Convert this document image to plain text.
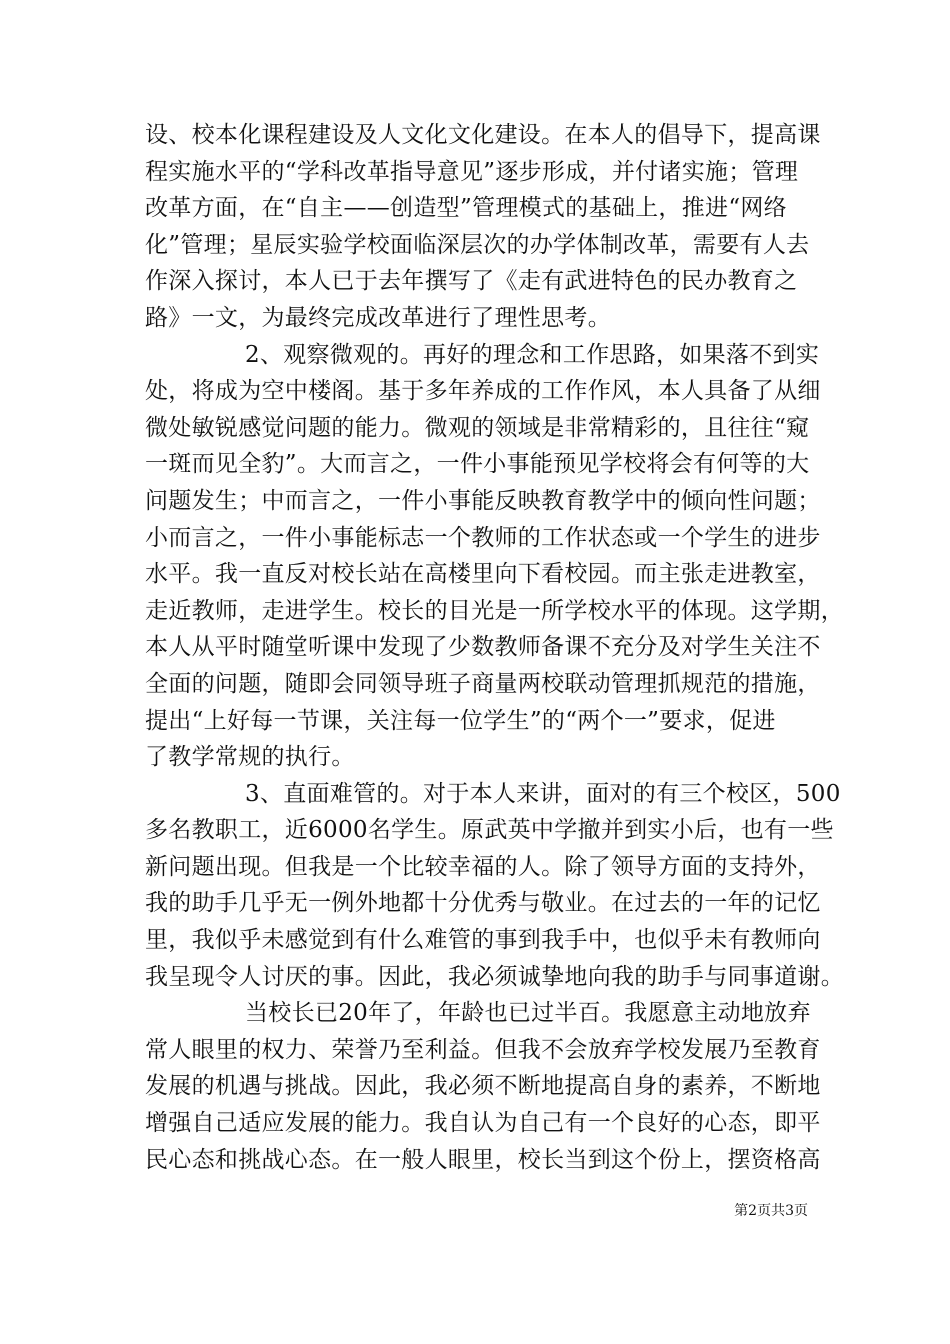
设、校本化课程建设及人文化文化建设。在本人的倡导下，提高课
程实施水平的“学科改革指导意见”逐步形成，并付诸实施；管理
改革方面，在“自主——创造型”管理模式的基础上，推进“网络
化”管理；星辰实验学校面临深层次的办学体制改革，需要有人去
作深入探讨，本人已于去年撰写了《走有武进特色的民办教育之
路》一文，为最终完成改革进行了理性思考。
2、观察微观的。再好的理念和工作思路，如果落不到实
处，将成为空中楼阁。基于多年养成的工作作风，本人具备了从细
微处敏锐感觉问题的能力。微观的领域是非常精彩的，且往往“窥
一斑而见全豹”。大而言之，一件小事能预见学校将会有何等的大
问题发生；中而言之，一件小事能反映教育教学中的倾向性问题；
小而言之，一件小事能标志一个教师的工作状态或一个学生的进步
水平。我一直反对校长站在高楼里向下看校园。而主张走进教室，
走近教师，走进学生。校长的目光是一所学校水平的体现。这学期，
本人从平时随堂听课中发现了少数教师备课不充分及对学生关注不
全面的问题，随即会同领导班子商量两校联动管理抓规范的措施，
提出“上好每一节课，关注每一位学生”的“两个一”要求，促进
了教学常规的执行。
3、直面难管的。对于本人来讲，面对的有三个校区，500
多名教职工，近6000名学生。原武英中学撤并到实小后，也有一些
新问题出现。但我是一个比较幸福的人。除了领导方面的支持外，
我的助手几乎无一例外地都十分优秀与敬业。在过去的一年的记忆
里，我似乎未感觉到有什么难管的事到我手中，也似乎未有教师向
我呈现令人讨厌的事。因此，我必须诚挚地向我的助手与同事道谢。
当校长已20年了，年龄也已过半百。我愿意主动地放弃
常人眼里的权力、荣誉乃至利益。但我不会放弃学校发展乃至教育
发展的机遇与挑战。因此，我必须不断地提高自身的素养，不断地
增强自己适应发展的能力。我自认为自己有一个良好的心态，即平
民心态和挑战心态。在一般人眼里，校长当到这个份上，摆资格高
第2页共3页
